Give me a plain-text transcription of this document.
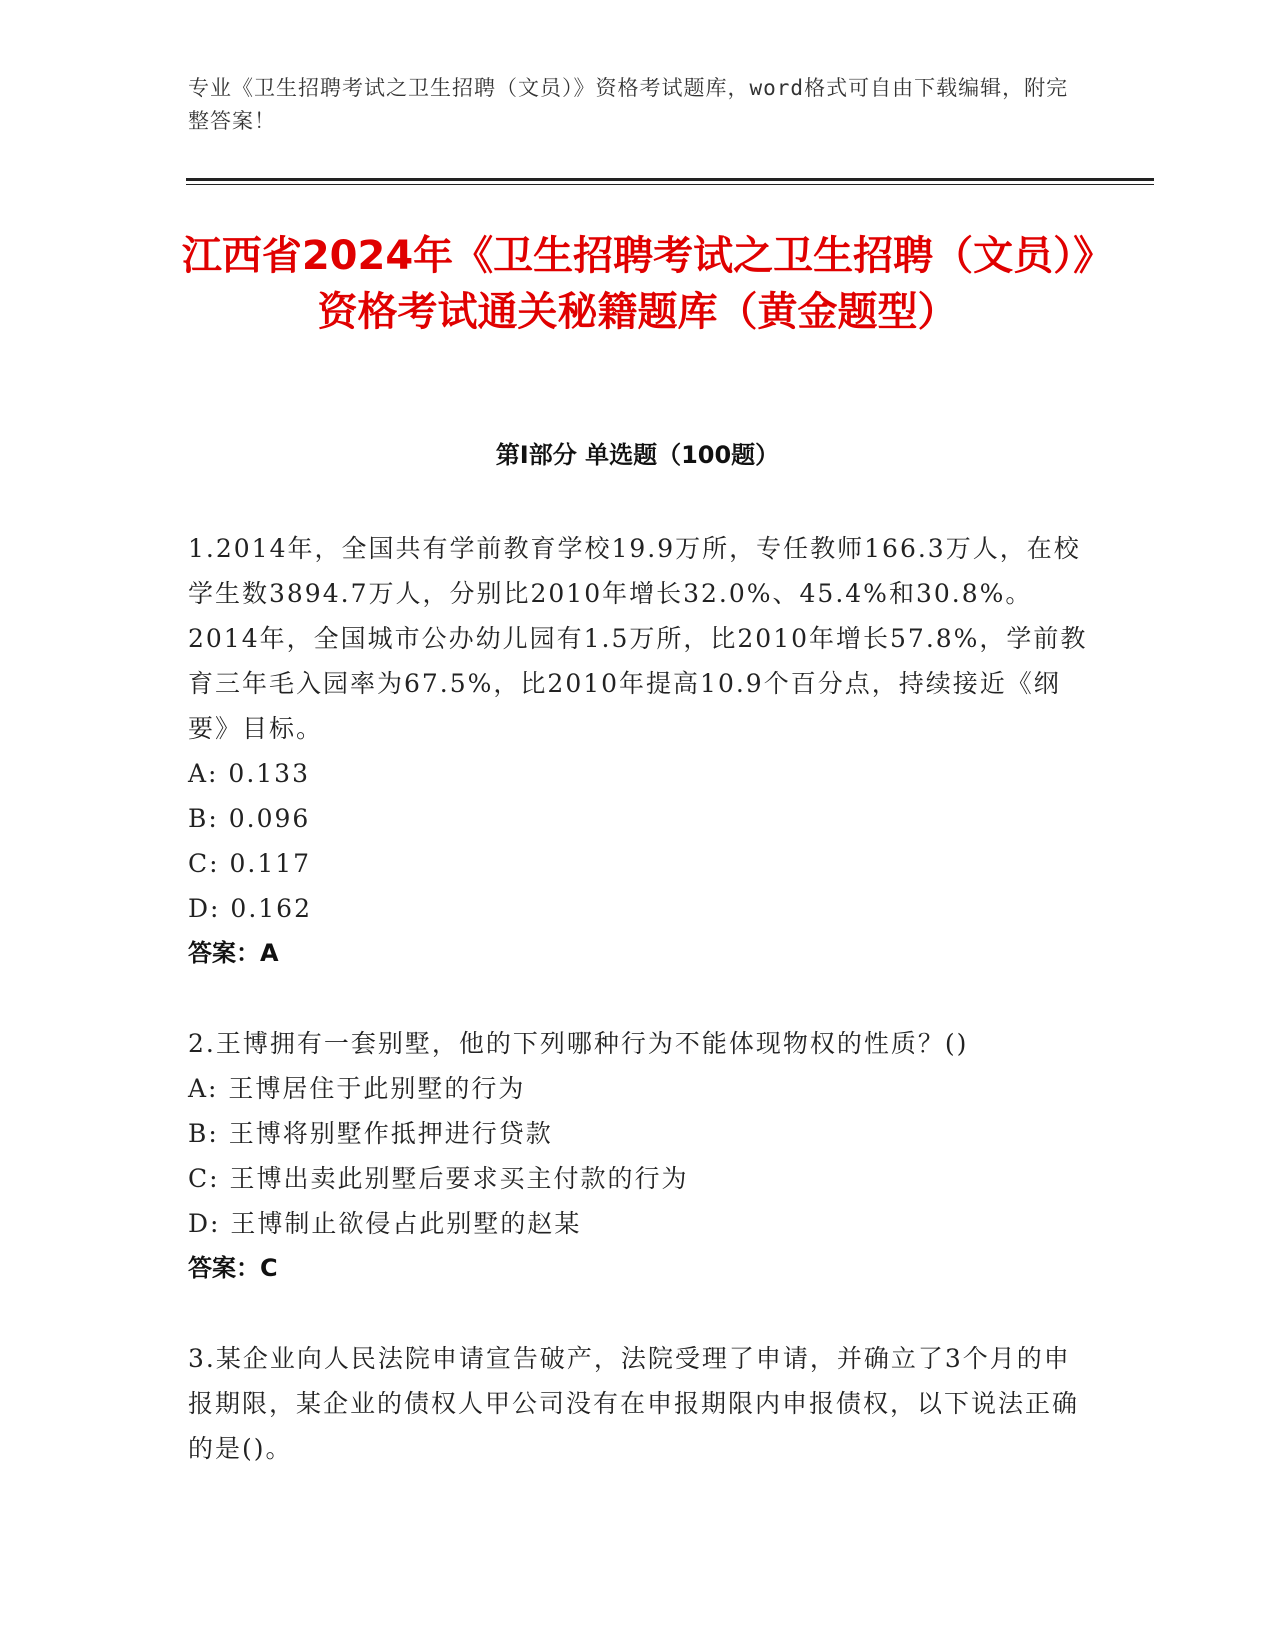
专业《卫生招聘考试之卫生招聘（文员）》资格考试题库，word格式可自由下载编辑，附完整答案！
江西省2024年《卫生招聘考试之卫生招聘（文员）》资格考试通关秘籍题库（黄金题型）
第I部分 单选题（100题）

1.2014年，全国共有学前教育学校19.9万所，专任教师166.3万人，在校学生数3894.7万人，分别比2010年增长32.0%、45.4%和30.8%。2014年，全国城市公办幼儿园有1.5万所，比2010年增长57.8%，学前教育三年毛入园率为67.5%，比2010年提高10.9个百分点，持续接近《纲要》目标。

A: 0.133

B: 0.096

C: 0.117

D: 0.162

答案：A

2.王博拥有一套别墅，他的下列哪种行为不能体现物权的性质？()

A: 王博居住于此别墅的行为

B: 王博将别墅作抵押进行贷款

C: 王博出卖此别墅后要求买主付款的行为

D: 王博制止欲侵占此别墅的赵某

答案：C

3.某企业向人民法院申请宣告破产，法院受理了申请，并确立了3个月的申报期限，某企业的债权人甲公司没有在申报期限内申报债权，以下说法正确的是()。
